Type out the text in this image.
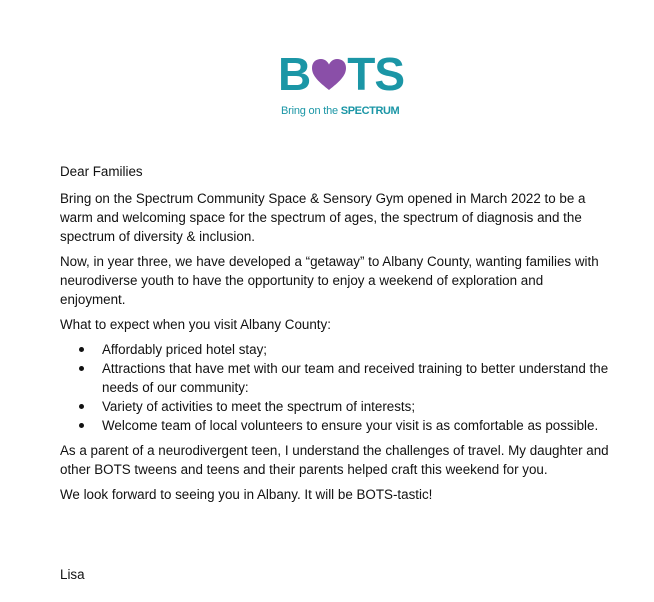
B TS
Bring on the SPECTRUM

Dear Families

Bring on the Spectrum Community Space & Sensory Gym opened in March 2022 to be a warm and welcoming space for the spectrum of ages, the spectrum of diagnosis and the spectrum of diversity & inclusion.

Now, in year three, we have developed a “getaway” to Albany County, wanting families with neurodiverse youth to have the opportunity to enjoy a weekend of exploration and enjoyment.

What to expect when you visit Albany County:

Affordably priced hotel stay;
Attractions that have met with our team and received training to better understand the needs of our community:
Variety of activities to meet the spectrum of interests;
Welcome team of local volunteers to ensure your visit is as comfortable as possible.

As a parent of a neurodivergent teen, I understand the challenges of travel. My daughter and other BOTS tweens and teens and their parents helped craft this weekend for you.

We look forward to seeing you in Albany. It will be BOTS-tastic!

Lisa
